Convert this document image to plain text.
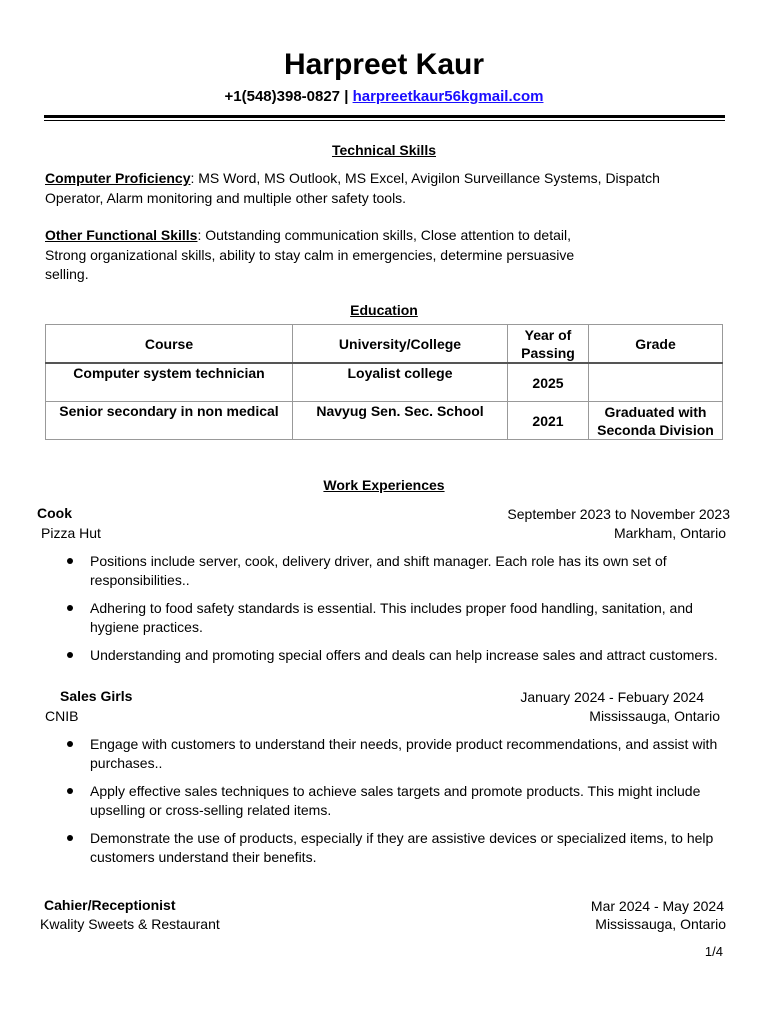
Harpreet Kaur
+1(548)398-0827 | harpreetkaur56kgmail.com
Technical Skills
Computer Proficiency: MS Word, MS Outlook, MS Excel, Avigilon Surveillance Systems, Dispatch Operator, Alarm monitoring and multiple other safety tools.
Other Functional Skills: Outstanding communication skills, Close attention to detail, Strong organizational skills, ability to stay calm in emergencies, determine persuasive selling.
Education
Course	University/College	Year of Passing	Grade
Computer system technician	Loyalist college	2025	
Senior secondary in non medical	Navyug Sen. Sec. School	2021	Graduated with Seconda Division
Work Experiences
Cook	September 2023 to November 2023
Pizza Hut	Markham, Ontario
Positions include server, cook, delivery driver, and shift manager. Each role has its own set of responsibilities..
Adhering to food safety standards is essential. This includes proper food handling, sanitation, and hygiene practices.
Understanding and promoting special offers and deals can help increase sales and attract customers.
Sales Girls	January 2024 - Febuary 2024
CNIB	Mississauga, Ontario
Engage with customers to understand their needs, provide product recommendations, and assist with purchases..
Apply effective sales techniques to achieve sales targets and promote products. This might include upselling or cross-selling related items.
Demonstrate the use of products, especially if they are assistive devices or specialized items, to help customers understand their benefits.
Cahier/Receptionist	Mar 2024 - May 2024
Kwality Sweets & Restaurant	Mississauga, Ontario
1/4
